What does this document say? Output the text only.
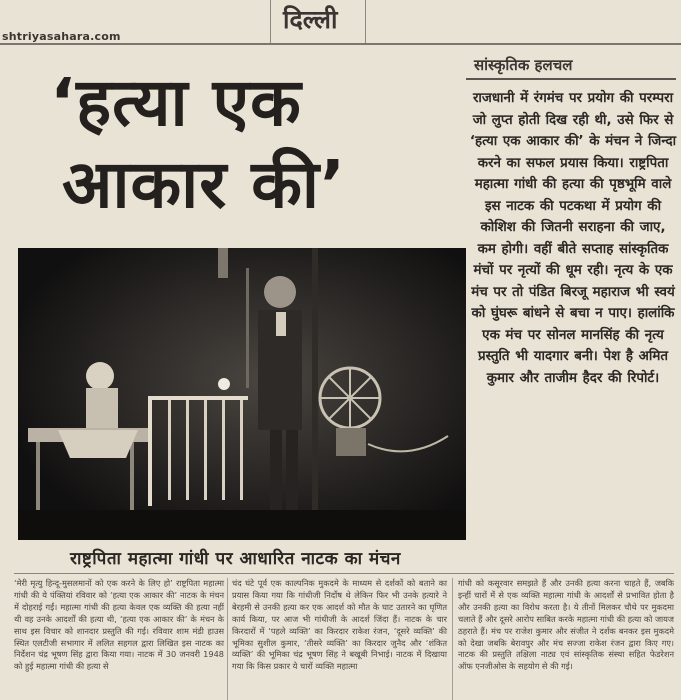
shtriyasahara.com
दिल्ली
सांस्कृतिक हलचल
‘हत्या एक
आकार की’
राजधानी में रंगमंच पर प्रयोग की परम्परा जो लुप्त होती दिख रही थी, उसे फिर से ‘हत्या एक आकार की’ के मंचन ने जिन्दा करने का सफल प्रयास किया। राष्ट्रपिता महात्मा गांधी की हत्या की पृष्ठभूमि वाले इस नाटक की पटकथा में प्रयोग की कोशिश की जितनी सराहना की जाए, कम होगी। वहीं बीते सप्ताह सांस्कृतिक मंचों पर नृत्यों की धूम रही। नृत्य के एक मंच पर तो पंडित बिरजू महाराज भी स्वयं को घुंघरू बांधने से बचा न पाए। हालांकि एक मंच पर सोनल मानसिंह की नृत्य प्रस्तुति भी यादगार बनी। पेश है अमित कुमार और ताजीम हैदर की रिपोर्ट।
राष्ट्रपिता महात्मा गांधी पर आधारित नाटक का मंचन
‘मेरी मृत्यु हिन्दू-मुसलमानों को एक करने के लिए हो’ राष्ट्रपिता महात्मा गांधी की ये पंक्तियां रविवार को ‘हत्या एक आकार की’ नाटक के मंचन में दोहराई गईं। महात्मा गांधी की हत्या केवल एक व्यक्ति की हत्या नहीं थी वह उनके आदर्शों की हत्या थी, ‘हत्या एक आकार की’ के मंचन के साथ इस विचार को शानदार प्रस्तुति की गई। रविवार शाम मंडी हाउस स्थित एलटीजी सभागार में ललित सहगल द्वारा लिखित इस नाटक का निर्देशन चंद्र भूषण सिंह द्वारा किया गया। नाटक में 30 जनवरी 1948 को हुई महात्मा गांधी की हत्या से
चंद घंटे पूर्व एक काल्पनिक मुकदमे के माध्यम से दर्शकों को बताने का प्रयास किया गया कि गांधीजी निर्दोष थे लेकिन फिर भी उनके हत्यारे ने बेरहमी से उनकी हत्या कर एक आदर्श को मौत के घाट उतारने का घृणित कार्य किया, पर आज भी गांधीजी के आदर्श जिंदा हैं। नाटक के चार किरदारों में ‘पहले व्यक्ति’ का किरदार राकेश रंजन, ‘दूसरे व्यक्ति’ की भूमिका सुशील कुमार, ‘तीसरे व्यक्ति’ का किरदार जुनैद और ‘शंकित व्यक्ति’ की भूमिका चंद्र भूषण सिंह ने बखूबी निभाई। नाटक में दिखाया गया कि किस प्रकार ये चारों व्यक्ति महात्मा
गांधी को कसूरवार समझते हैं और उनकी हत्या करना चाहते हैं, जबकि इन्हीं चारों में से एक व्यक्ति महात्मा गांधी के आदर्शों से प्रभावित होता है और उनकी हत्या का विरोध करता है। ये तीनों मिलकर चौथे पर मुकदमा चलाते हैं और दूसरे आरोप साबित करके महात्मा गांधी की हत्या को जायज ठहराते हैं। मंच पर राजेश कुमार और संजीत ने दर्शक बनकर इस मुकदमे को देखा जबकि बेरावपुर और मंच सज्जा राकेश रंजन द्वारा किए गए। नाटक की प्रस्तुति तक्षिला नाट्य एवं सांस्कृतिक संस्था सहित फेडरेशन ऑफ एनजीओस के सहयोग से की गई।
